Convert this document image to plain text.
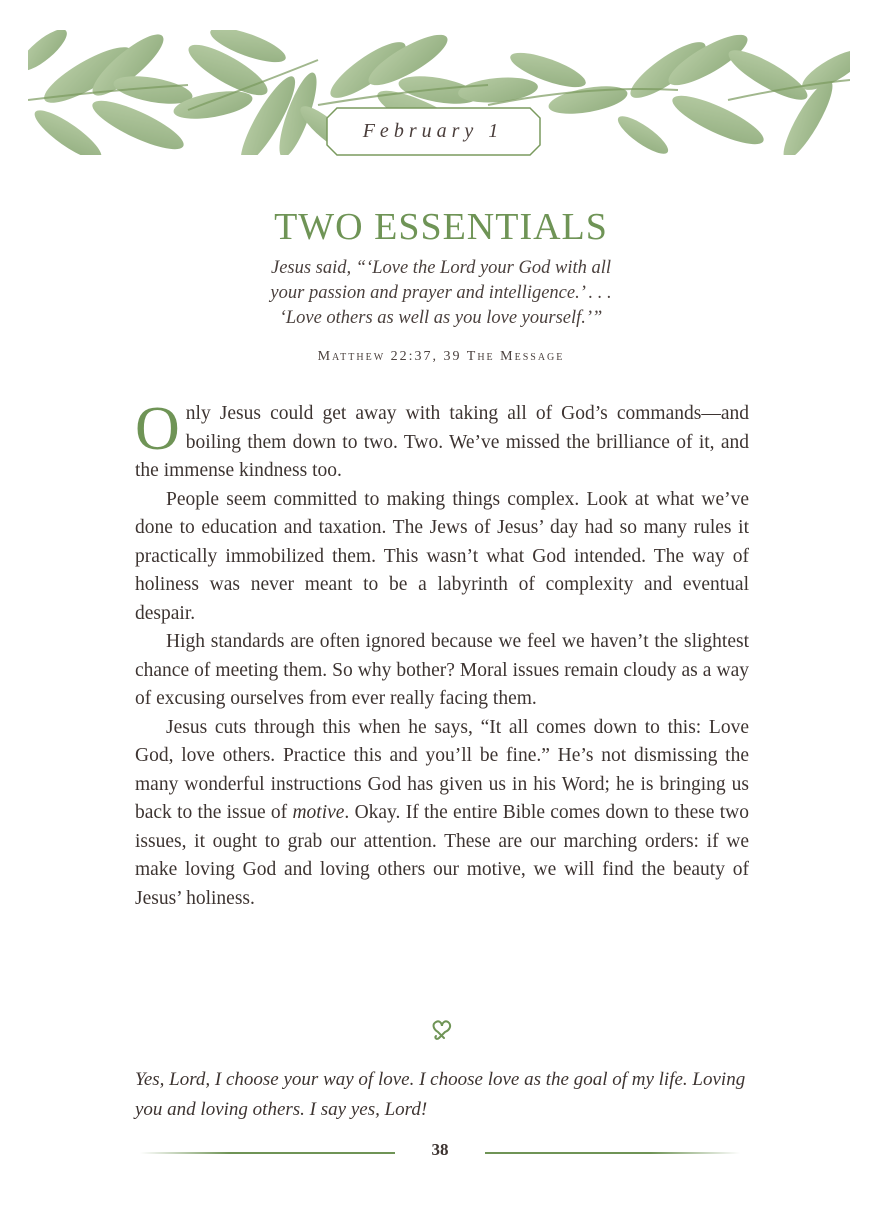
February 1
TWO ESSENTIALS
Jesus said, “‘Love the Lord your God with all
your passion and prayer and intelligence.’ . . .
‘Love others as well as you love yourself.’”
Matthew 22:37, 39 The Message

Only Jesus could get away with taking all of God’s commands—and boiling them down to two. Two. We’ve missed the brilliance of it, and the immense kindness too.

People seem committed to making things complex. Look at what we’ve done to education and taxation. The Jews of Jesus’ day had so many rules it practically immobilized them. This wasn’t what God intended. The way of holiness was never meant to be a labyrinth of complexity and eventual despair.

High standards are often ignored because we feel we haven’t the slightest chance of meeting them. So why bother? Moral issues remain cloudy as a way of excusing ourselves from ever really facing them.

Jesus cuts through this when he says, “It all comes down to this: Love God, love others. Practice this and you’ll be fine.” He’s not dismissing the many wonderful instructions God has given us in his Word; he is bringing us back to the issue of motive. Okay. If the entire Bible comes down to these two issues, it ought to grab our attention. These are our marching orders: if we make loving God and loving others our motive, we will find the beauty of Jesus’ holiness.

Yes, Lord, I choose your way of love. I choose love as the goal of my life. Loving you and loving others. I say yes, Lord!
38
